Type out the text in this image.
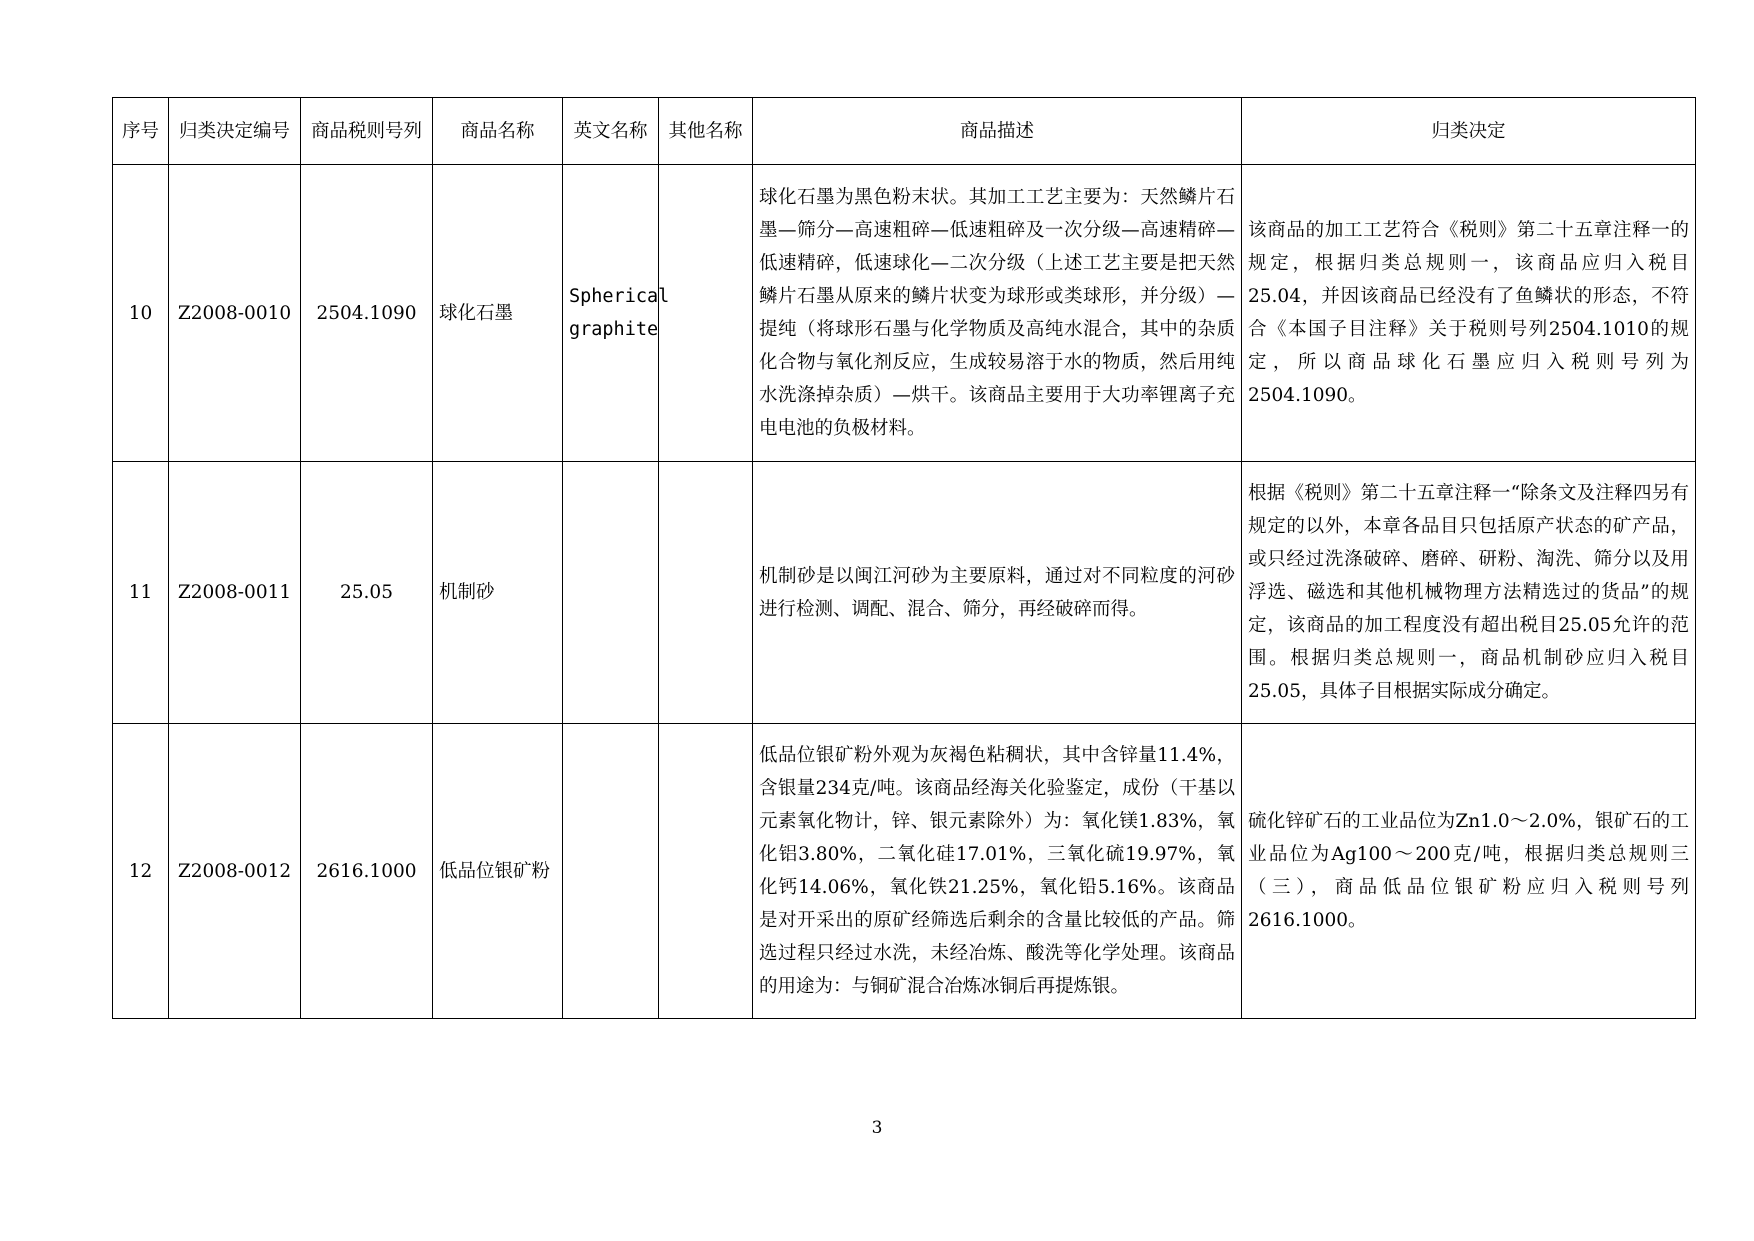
序号	归类决定编号	商品税则号列	商品名称	英文名称	其他名称	商品描述	归类决定
10	Z2008-0010	2504.1090	球化石墨	Spherical graphite		球化石墨为黑色粉末状。其加工工艺主要为：天然鳞片石墨—筛分—高速粗碎—低速粗碎及一次分级—高速精碎—低速精碎，低速球化—二次分级（上述工艺主要是把天然鳞片石墨从原来的鳞片状变为球形或类球形，并分级）—提纯（将球形石墨与化学物质及高纯水混合，其中的杂质化合物与氧化剂反应，生成较易溶于水的物质，然后用纯水洗涤掉杂质）—烘干。该商品主要用于大功率锂离子充电电池的负极材料。	该商品的加工工艺符合《税则》第二十五章注释一的规定，根据归类总规则一，该商品应归入税目25.04，并因该商品已经没有了鱼鳞状的形态，不符合《本国子目注释》关于税则号列2504.1010的规定，所以商品球化石墨应归入税则号列为2504.1090。
11	Z2008-0011	25.05	机制砂			机制砂是以闽江河砂为主要原料，通过对不同粒度的河砂进行检测、调配、混合、筛分，再经破碎而得。	根据《税则》第二十五章注释一“除条文及注释四另有规定的以外，本章各品目只包括原产状态的矿产品，或只经过洗涤破碎、磨碎、研粉、淘洗、筛分以及用浮选、磁选和其他机械物理方法精选过的货品”的规定，该商品的加工程度没有超出税目25.05允许的范围。根据归类总规则一，商品机制砂应归入税目25.05，具体子目根据实际成分确定。
12	Z2008-0012	2616.1000	低品位银矿粉			低品位银矿粉外观为灰褐色粘稠状，其中含锌量11.4%，含银量234克/吨。该商品经海关化验鉴定，成份（干基以元素氧化物计，锌、银元素除外）为：氧化镁1.83%，氧化铝3.80%，二氧化硅17.01%，三氧化硫19.97%，氧化钙14.06%，氧化铁21.25%，氧化铅5.16%。该商品是对开采出的原矿经筛选后剩余的含量比较低的产品。筛选过程只经过水洗，未经冶炼、酸洗等化学处理。该商品的用途为：与铜矿混合冶炼冰铜后再提炼银。	硫化锌矿石的工业品位为Zn1.0～2.0%，银矿石的工业品位为Ag100～200克/吨，根据归类总规则三（三），商品低品位银矿粉应归入税则号列2616.1000。
3
